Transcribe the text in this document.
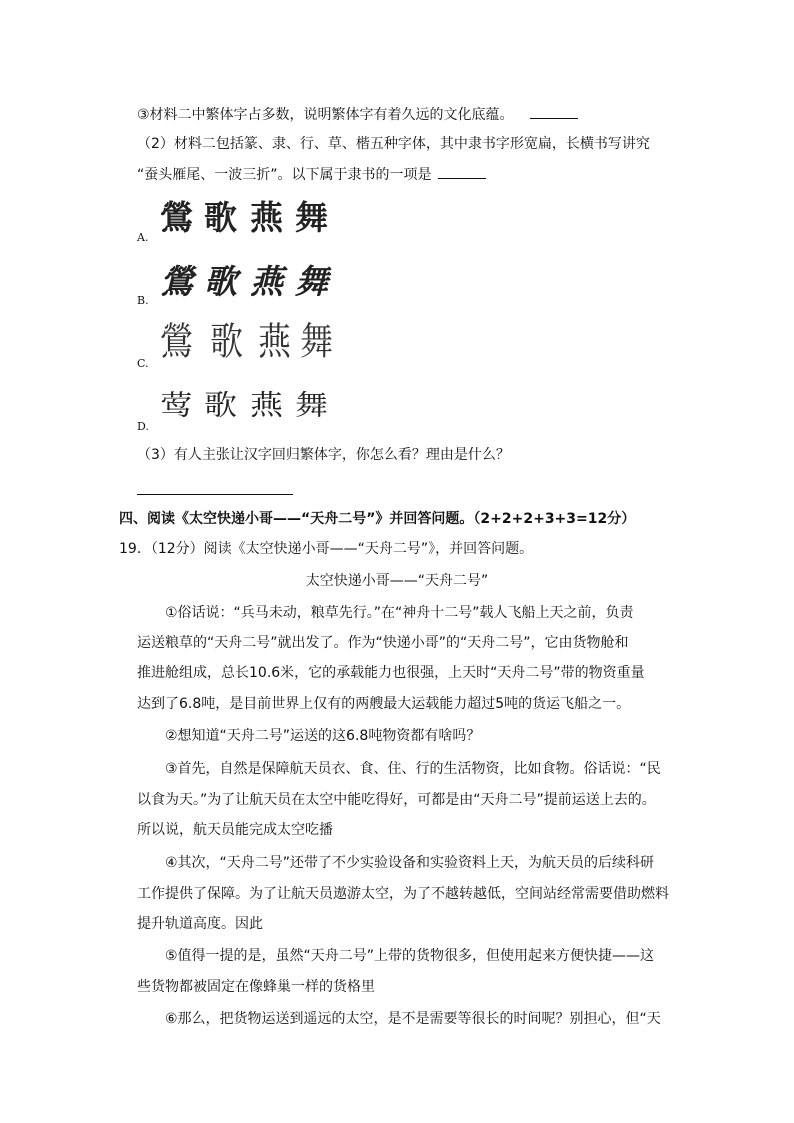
③材料二中繁体字占多数，说明繁体字有着久远的文化底蕴。
（2）材料二包括篆、隶、行、草、楷五种字体，其中隶书字形宽扁，长横书写讲究
“蚕头雁尾、一波三折”。以下属于隶书的一项是
鶯 歌 燕 舞
A.
鶯 歌 燕 舞
B.
鶯 歌 燕 舞
C.
莺 歌 燕 舞
D.
（3）有人主张让汉字回归繁体字，你怎么看？理由是什么？
四、阅读《太空快递小哥——“天舟二号”》并回答问题。（2+2+2+3+3=12分）
19．（12分）阅读《太空快递小哥——“天舟二号”》，并回答问题。
太空快递小哥——“天舟二号”
①俗话说：“兵马未动，粮草先行。”在“神舟十二号”载人飞船上天之前，负责
运送粮草的“天舟二号”就出发了。作为“快递小哥”的“天舟二号”，它由货物舱和
推进舱组成，总长10.6米，它的承载能力也很强，上天时“天舟二号”带的物资重量
达到了6.8吨，是目前世界上仅有的两艘最大运载能力超过5吨的货运飞船之一。
②想知道“天舟二号”运送的这6.8吨物资都有啥吗？
③首先，自然是保障航天员衣、食、住、行的生活物资，比如食物。俗话说：“民
以食为天。”为了让航天员在太空中能吃得好，可都是由“天舟二号”提前运送上去的。
所以说，航天员能完成太空吃播
④其次，“天舟二号”还带了不少实验设备和实验资料上天，为航天员的后续科研
工作提供了保障。为了让航天员遨游太空，为了不越转越低，空间站经常需要借助燃料
提升轨道高度。因此
⑤值得一提的是，虽然“天舟二号”上带的货物很多，但使用起来方便快捷——这
些货物都被固定在像蜂巢一样的货格里
⑥那么，把货物运送到遥远的太空，是不是需要等很长的时间呢？别担心，但“天
